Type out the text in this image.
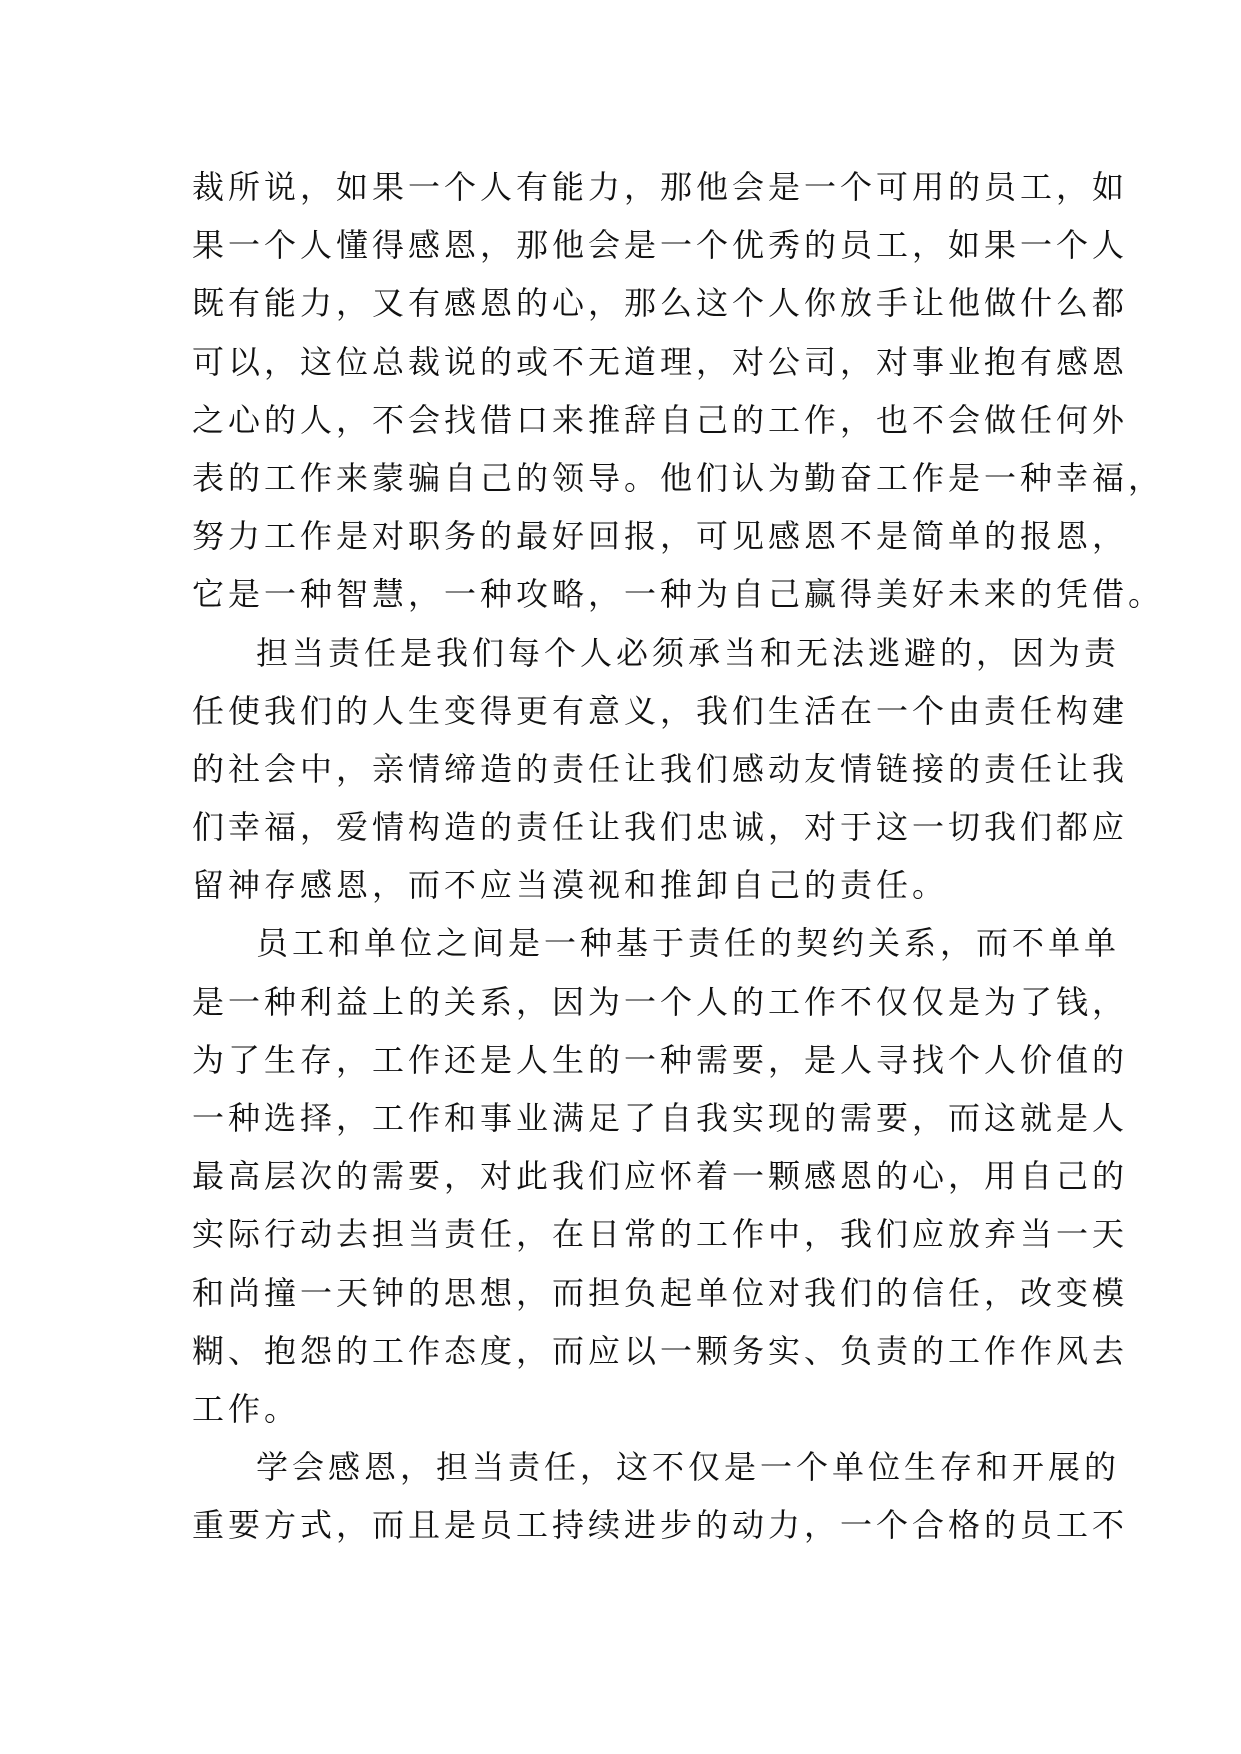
裁所说，如果一个人有能力，那他会是一个可用的员工，如
果一个人懂得感恩，那他会是一个优秀的员工，如果一个人
既有能力，又有感恩的心，那么这个人你放手让他做什么都
可以，这位总裁说的或不无道理，对公司，对事业抱有感恩
之心的人，不会找借口来推辞自己的工作，也不会做任何外
表的工作来蒙骗自己的领导。他们认为勤奋工作是一种幸福，
努力工作是对职务的最好回报，可见感恩不是简单的报恩，
它是一种智慧，一种攻略，一种为自己赢得美好未来的凭借。
担当责任是我们每个人必须承当和无法逃避的，因为责
任使我们的人生变得更有意义，我们生活在一个由责任构建
的社会中，亲情缔造的责任让我们感动友情链接的责任让我
们幸福，爱情构造的责任让我们忠诚，对于这一切我们都应
留神存感恩，而不应当漠视和推卸自己的责任。
员工和单位之间是一种基于责任的契约关系，而不单单
是一种利益上的关系，因为一个人的工作不仅仅是为了钱，
为了生存，工作还是人生的一种需要，是人寻找个人价值的
一种选择，工作和事业满足了自我实现的需要，而这就是人
最高层次的需要，对此我们应怀着一颗感恩的心，用自己的
实际行动去担当责任，在日常的工作中，我们应放弃当一天
和尚撞一天钟的思想，而担负起单位对我们的信任，改变模
糊、抱怨的工作态度，而应以一颗务实、负责的工作作风去
工作。
学会感恩，担当责任，这不仅是一个单位生存和开展的
重要方式，而且是员工持续进步的动力，一个合格的员工不
